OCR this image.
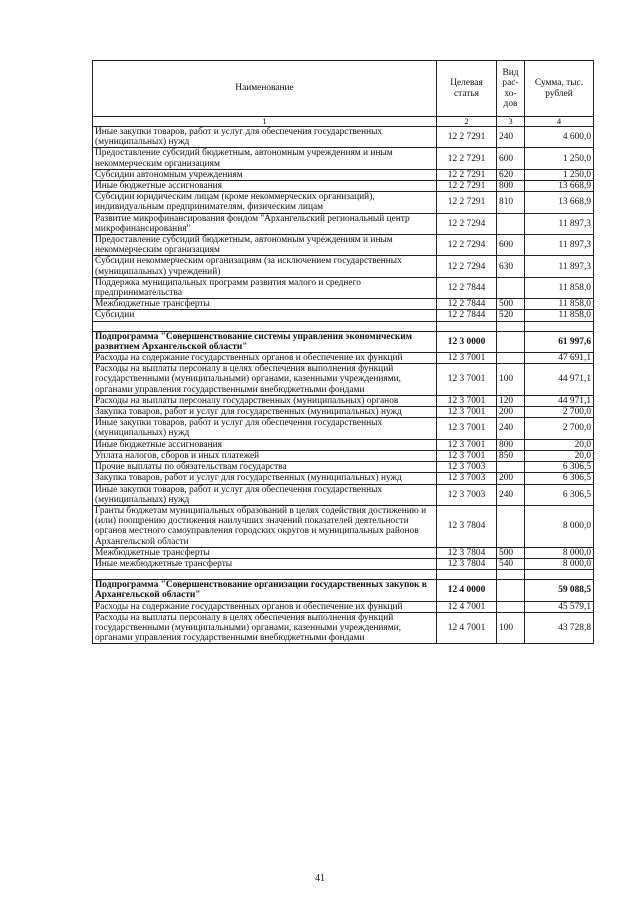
Наименование	Целевая статья	Вид рас-хо-дов	Сумма, тыс. рублей
1	2	3	4
Иные закупки товаров, работ и услуг для обеспечения государственных (муниципальных) нужд	12 2 7291	240	4 600,0
Предоставление субсидий бюджетным, автономным учреждениям и иным некоммерческим организациям	12 2 7291	600	1 250,0
Субсидии автономным учреждениям	12 2 7291	620	1 250,0
Иные бюджетные ассигнования	12 2 7291	800	13 668,9
Субсидии юридическим лицам (кроме некоммерческих организаций), индивидуальным предпринимателям, физическим лицам	12 2 7291	810	13 668,9
Развитие микрофинансирования фондом "Архангельский региональный центр микрофинансирования"	12 2 7294		11 897,3
Предоставление субсидий бюджетным, автономным учреждениям и иным некоммерческим организациям	12 2 7294	600	11 897,3
Субсидии некоммерческим организациям (за исключением государственных (муниципальных) учреждений)	12 2 7294	630	11 897,3
Поддержка муниципальных программ развития малого и среднего предпринимательства	12 2 7844		11 858,0
Межбюджетные трансферты	12 2 7844	500	11 858,0
Субсидии	12 2 7844	520	11 858,0

Подпрограмма "Совершенствование системы управления экономическим развитием Архангельской области"	12 3 0000		61 997,6
Расходы на содержание государственных органов и обеспечение их функций	12 3 7001		47 691,1
Расходы на выплаты персоналу в целях обеспечения выполнения функций государственными (муниципальными) органами, казенными учреждениями, органами управления государственными внебюджетными фондами	12 3 7001	100	44 971,1
Расходы на выплаты персоналу государственных (муниципальных) органов	12 3 7001	120	44 971,1
Закупка товаров, работ и услуг для государственных (муниципальных) нужд	12 3 7001	200	2 700,0
Иные закупки товаров, работ и услуг для обеспечения государственных (муниципальных) нужд	12 3 7001	240	2 700,0
Иные бюджетные ассигнования	12 3 7001	800	20,0
Уплата налогов, сборов и иных платежей	12 3 7001	850	20,0
Прочие выплаты по обязательствам государства	12 3 7003		6 306,5
Закупка товаров, работ и услуг для государственных (муниципальных) нужд	12 3 7003	200	6 306,5
Иные закупки товаров, работ и услуг для обеспечения государственных (муниципальных) нужд	12 3 7003	240	6 306,5
Гранты бюджетам муниципальных образований в целях содействия достижению и (или) поощрению достижения наилучших значений показателей деятельности органов местного самоуправления городских округов и муниципальных районов Архангельской области	12 3 7804		8 000,0
Межбюджетные трансферты	12 3 7804	500	8 000,0
Иные межбюджетные трансферты	12 3 7804	540	8 000,0

Подпрограмма "Совершенствование организации государственных закупок в Архангельской области"	12 4 0000		59 088,5
Расходы на содержание государственных органов и обеспечение их функций	12 4 7001		45 579,1
Расходы на выплаты персоналу в целях обеспечения выполнения функций государственными (муниципальными) органами, казенными учреждениями, органами управления государственными внебюджетными фондами	12 4 7001	100	43 728,8
41
